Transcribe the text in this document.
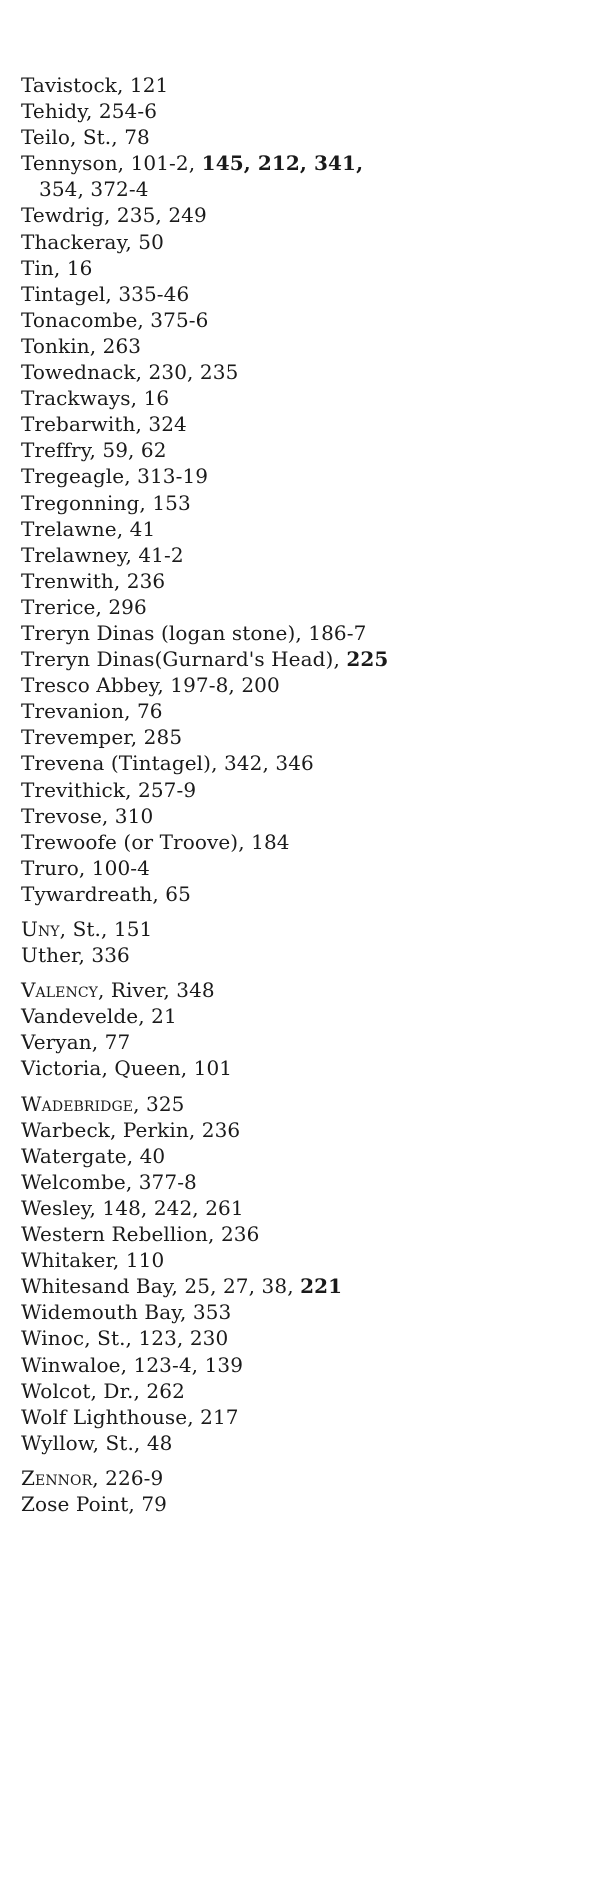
Tavistock, 121
Tehidy, 254-6
Teilo, St., 78
Tennyson, 101-2, 145, 212, 341,
354, 372-4
Tewdrig, 235, 249
Thackeray, 50
Tin, 16
Tintagel, 335-46
Tonacombe, 375-6
Tonkin, 263
Towednack, 230, 235
Trackways, 16
Trebarwith, 324
Treffry, 59, 62
Tregeagle, 313-19
Tregonning, 153
Trelawne, 41
Trelawney, 41-2
Trenwith, 236
Trerice, 296
Treryn Dinas (logan stone), 186-7
Treryn Dinas(Gurnard's Head), 225
Tresco Abbey, 197-8, 200
Trevanion, 76
Trevemper, 285
Trevena (Tintagel), 342, 346
Trevithick, 257-9
Trevose, 310
Trewoofe (or Troove), 184
Truro, 100-4
Tywardreath, 65
Uny, St., 151
Uther, 336
Valency, River, 348
Vandevelde, 21
Veryan, 77
Victoria, Queen, 101
Wadebridge, 325
Warbeck, Perkin, 236
Watergate, 40
Welcombe, 377-8
Wesley, 148, 242, 261
Western Rebellion, 236
Whitaker, 110
Whitesand Bay, 25, 27, 38, 221
Widemouth Bay, 353
Winoc, St., 123, 230
Winwaloe, 123-4, 139
Wolcot, Dr., 262
Wolf Lighthouse, 217
Wyllow, St., 48
Zennor, 226-9
Zose Point, 79
